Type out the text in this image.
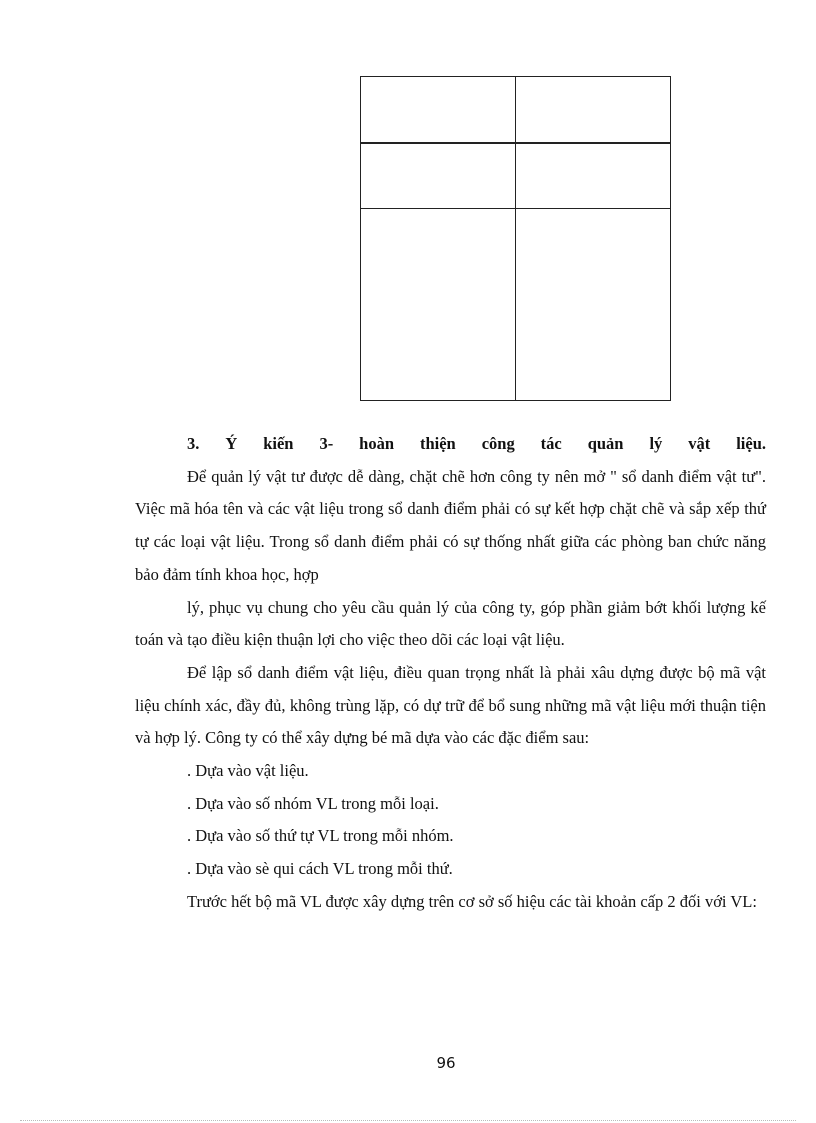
3. Ý kiến 3- hoàn thiện công tác quản lý vật liệu.

Để quản lý vật tư được dễ dàng, chặt chẽ hơn công ty nên mở " sổ danh điểm vật tư". Việc mã hóa tên và các vật liệu trong sổ danh điểm phải có sự kết hợp chặt chẽ và sắp xếp thứ tự các loại vật liệu. Trong sổ danh điểm phải có sự thống nhất giữa các phòng ban chức năng bảo đảm tính khoa học, hợp

lý, phục vụ chung cho yêu cầu quản lý của công ty, góp phần giảm bớt khối lượng kế toán và tạo điều kiện thuận lợi cho việc theo dõi các loại vật liệu.

Để lập sổ danh điểm vật liệu, điều quan trọng nhất là phải xâu dựng được bộ mã vật liệu chính xác, đầy đủ, không trùng lặp, có dự trữ để bổ sung những mã vật liệu mới thuận tiện và hợp lý. Công ty có thể xây dựng bé mã dựa vào các đặc điểm sau:

. Dựa vào vật liệu.

. Dựa vào số nhóm VL trong mỗi loại.

. Dựa vào số thứ tự VL trong mỗi nhóm.

. Dựa vào sè qui cách VL trong mỗi thứ.

Trước hết bộ mã VL được xây dựng trên cơ sở số hiệu các tài khoản cấp 2 đối với VL:

96
